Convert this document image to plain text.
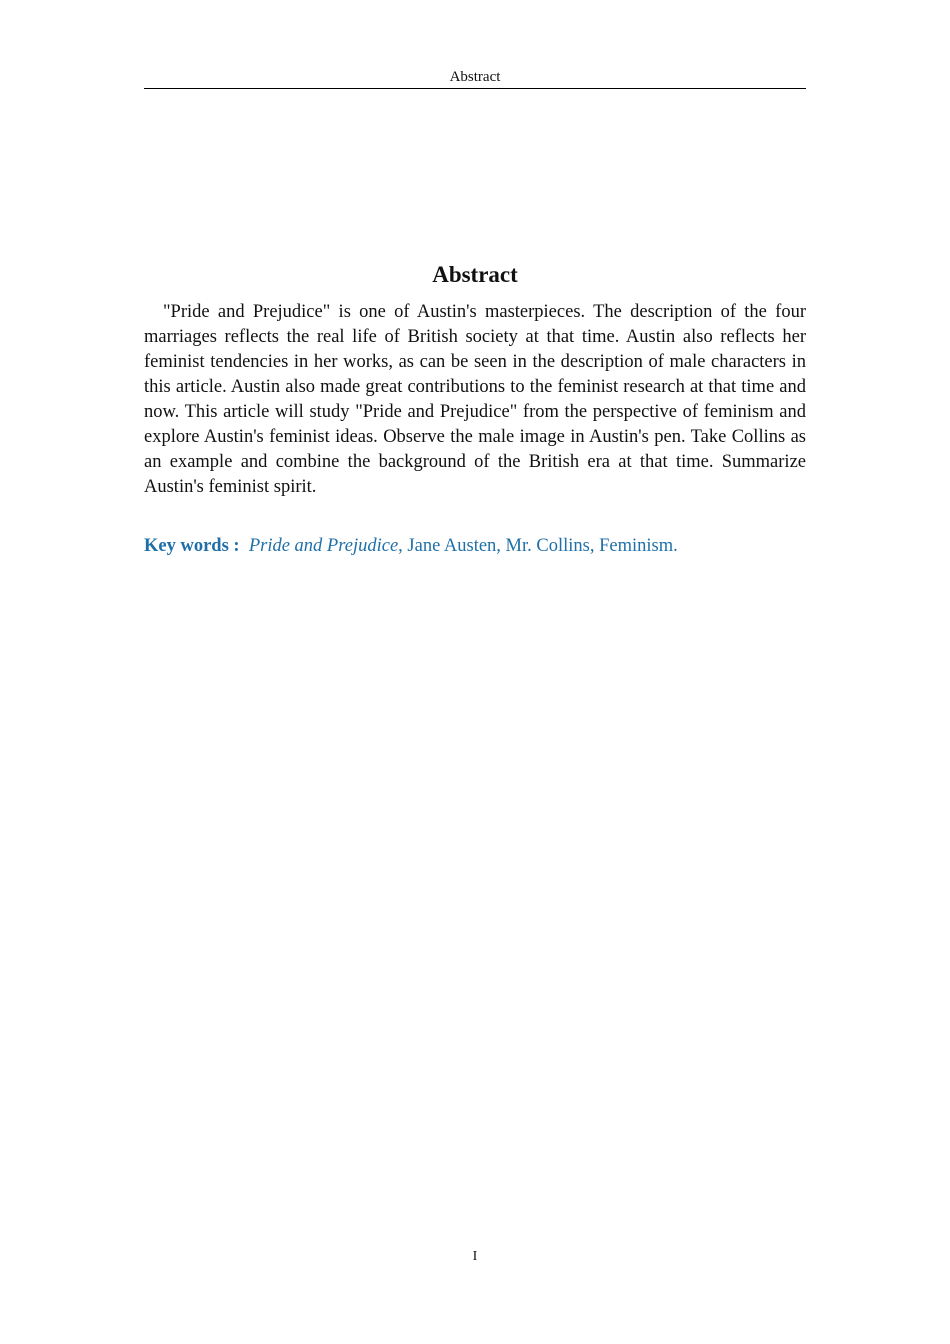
Abstract
Abstract

"Pride and Prejudice" is one of Austin's masterpieces. The description of the four marriages reflects the real life of British society at that time. Austin also reflects her feminist tendencies in her works, as can be seen in the description of male characters in this article. Austin also made great contributions to the feminist research at that time and now. This article will study "Pride and Prejudice" from the perspective of feminism and explore Austin's feminist ideas. Observe the male image in Austin's pen. Take Collins as an example and combine the background of the British era at that time. Summarize Austin's feminist spirit.

Key words :  Pride and Prejudice, Jane Austen, Mr. Collins, Feminism.
I
